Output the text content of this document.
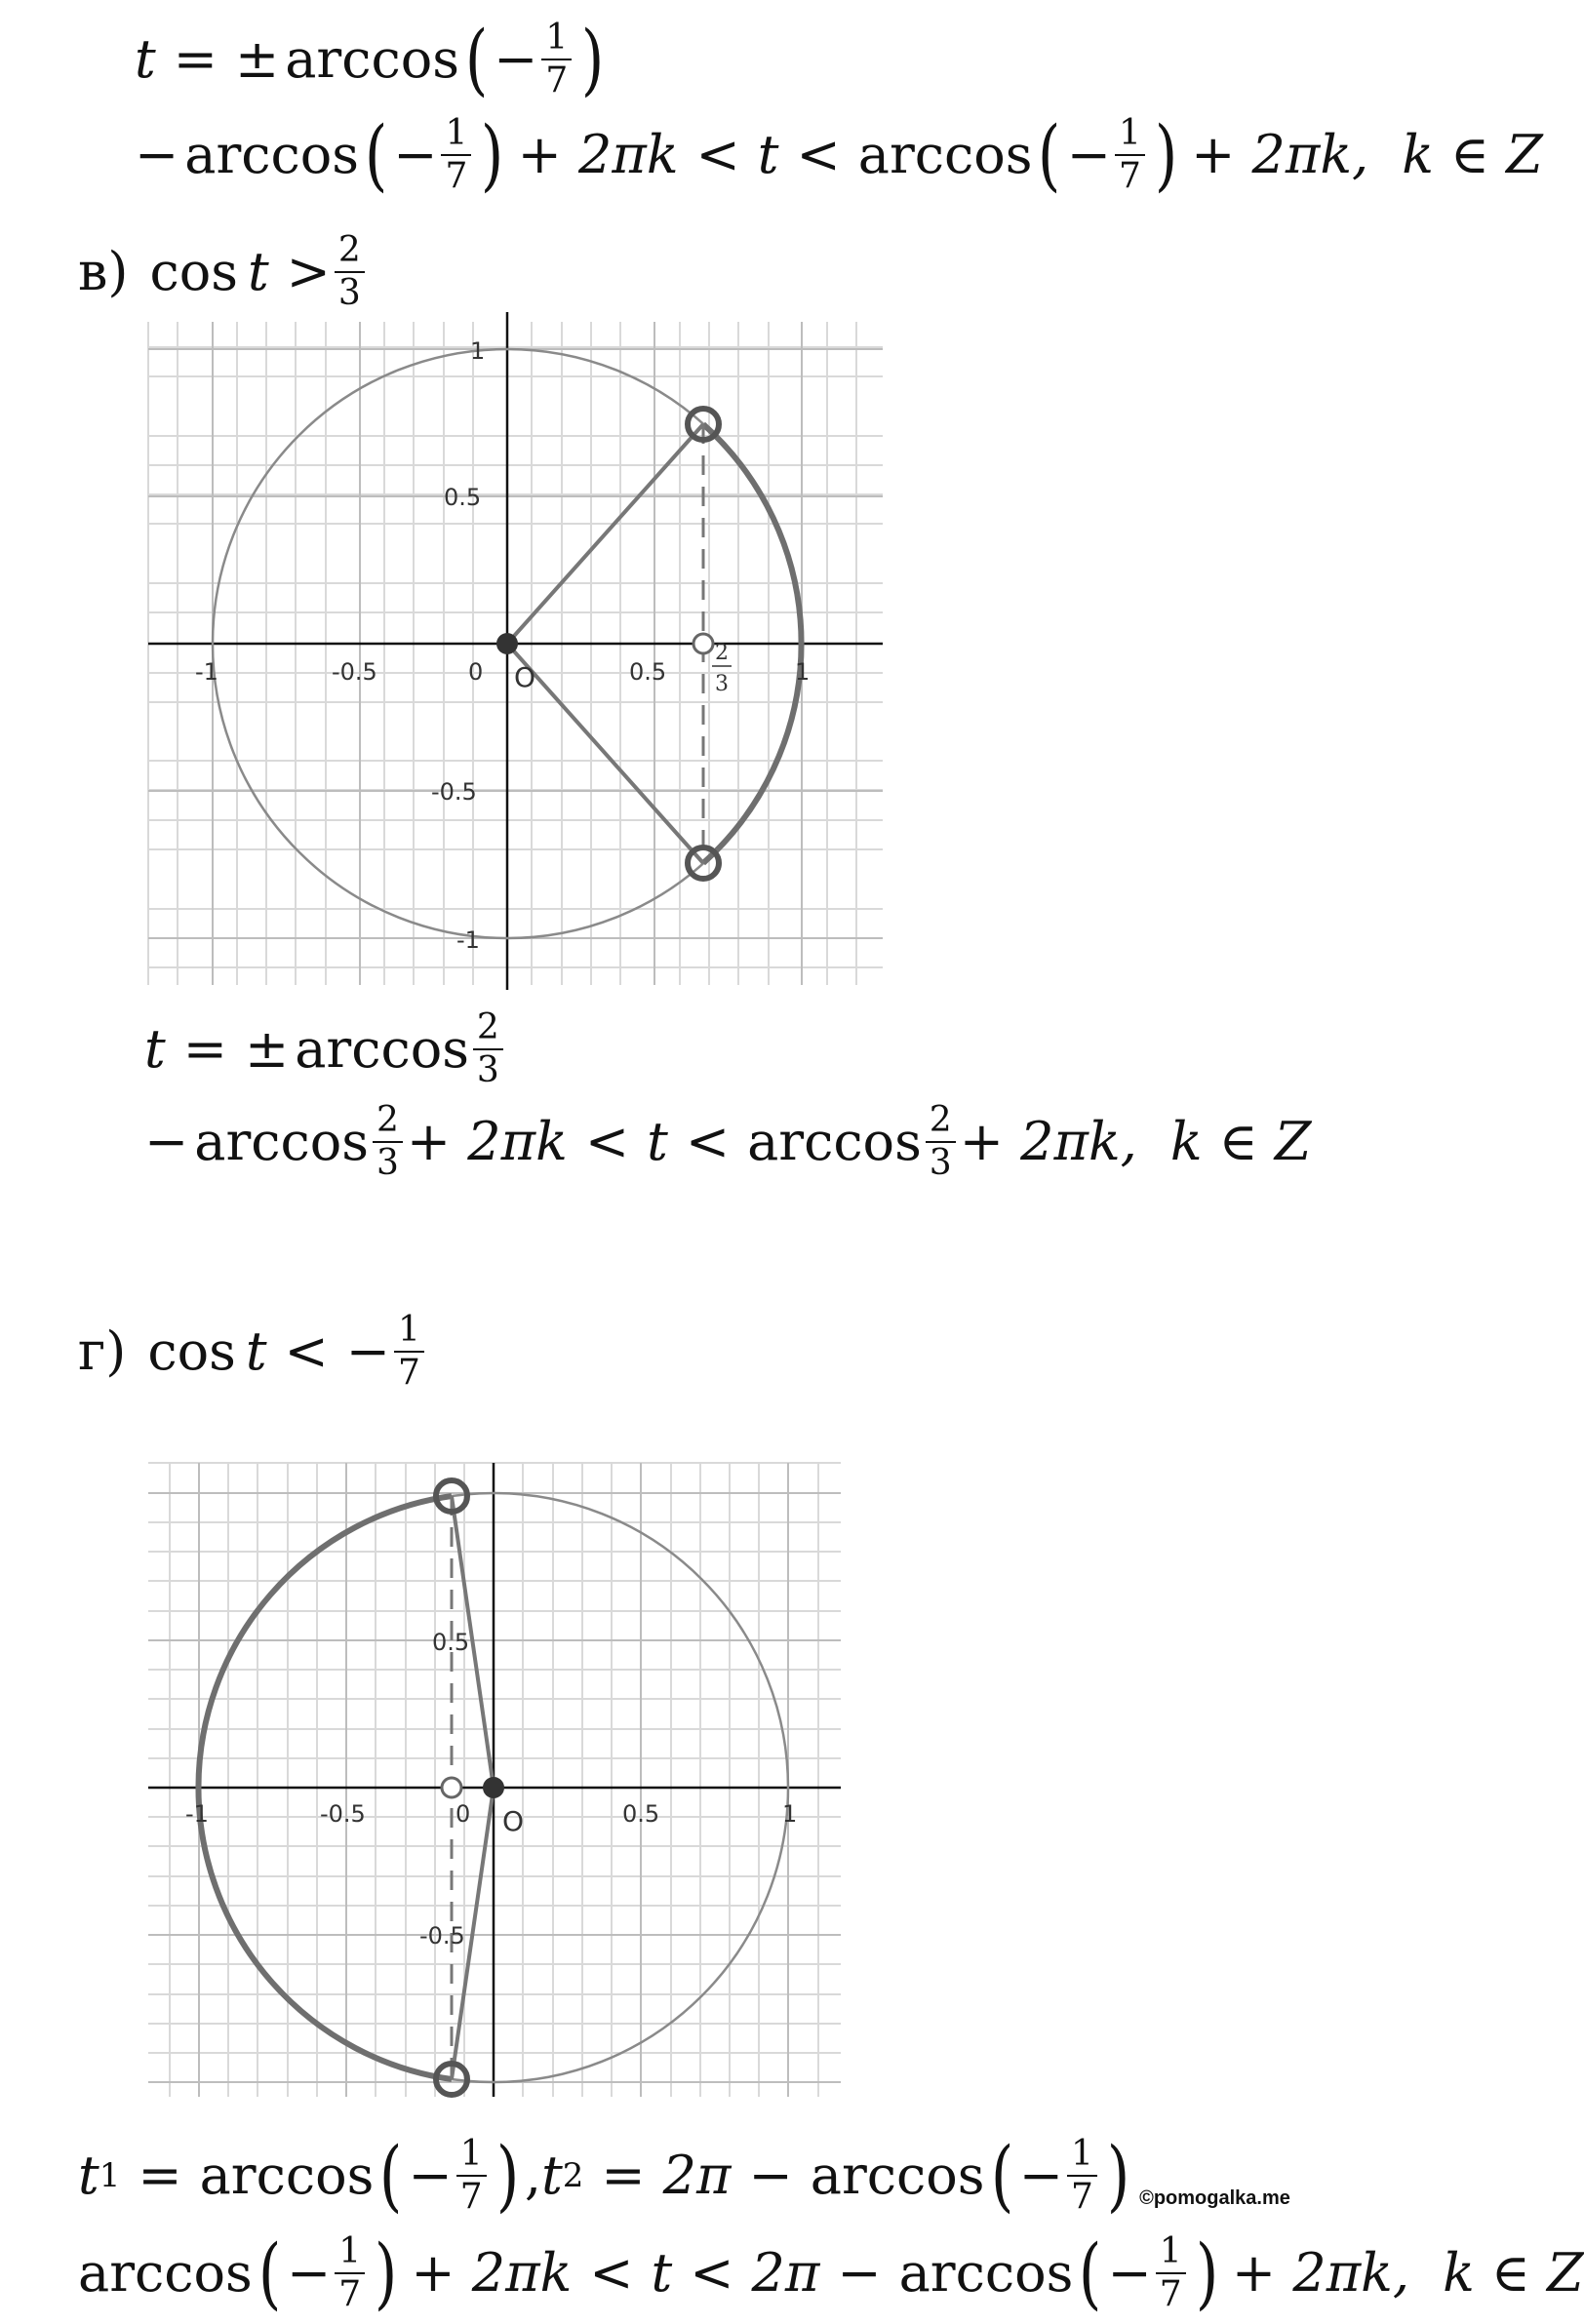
t = ± arccos ( − $\frac{1}{7}$ )
− arccos ( − $\frac{1}{7}$ ) + 2πk < t < arccos ( − $\frac{1}{7}$ ) + 2πk, k ∈ Z
в) $\cos t > \frac{2}{3}$
-1	-0.5	0	0.5	1
1
0.5
-0.5
-1
O
2
3
t = ± $\arccos \frac{2}{3}$
− $\arccos \frac{2}{3} + 2\pi k < t < \arccos \frac{2}{3} + 2\pi k$, k ∈ Z
г) cos t < − $\frac{1}{7}$
-1	-0.5	0	0.5	1
0.5
-0.5
O
t 1 = arccos ( − $\frac{1}{7}$ ) , t 2 = 2π − arccos ( − $\frac{1}{7}$ ) ©pomogalka.me
arccos ( − $\frac{1}{7}$ ) + 2πk < t < 2π − arccos ( − $\frac{1}{7}$ ) + 2πk, k ∈ Z
